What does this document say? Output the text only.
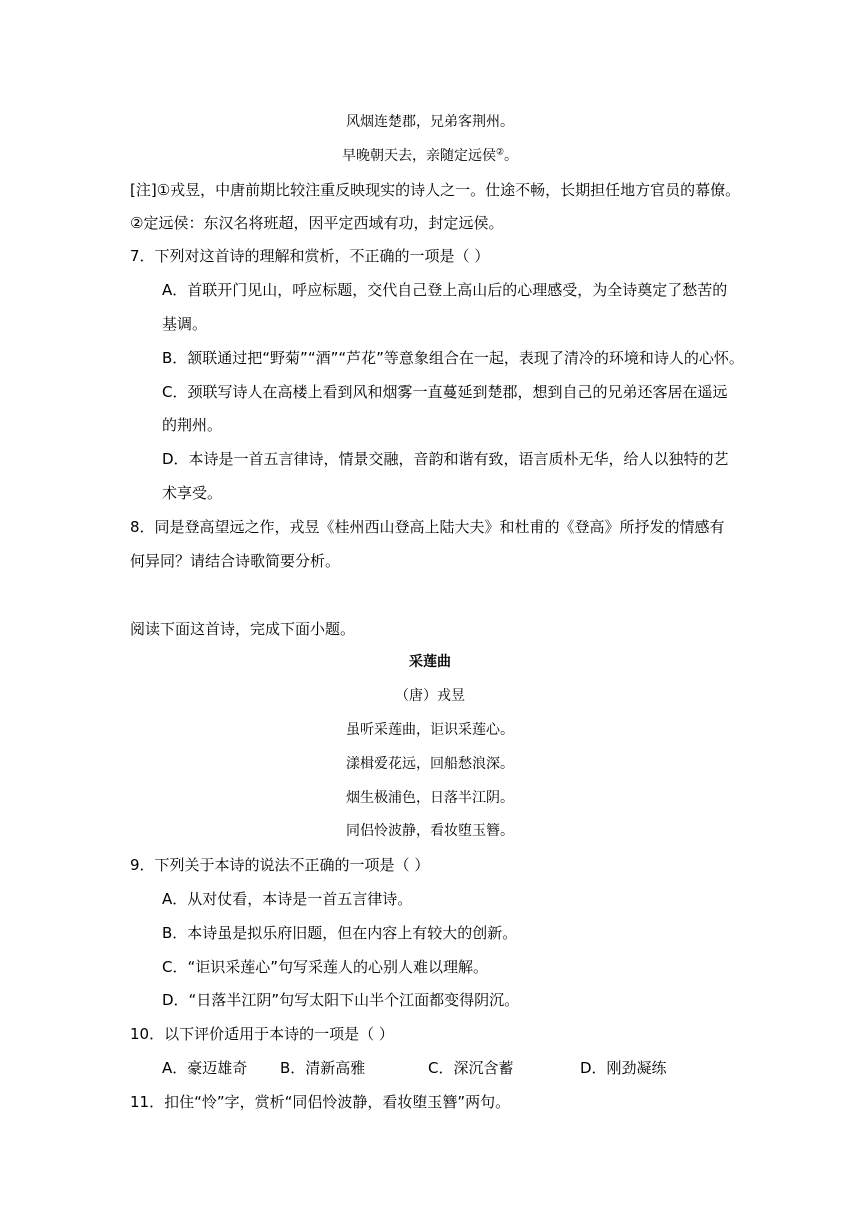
风烟连楚郡，兄弟客荆州。
早晚朝天去，亲随定远侯②。
[注]①戎昱，中唐前期比较注重反映现实的诗人之一。仕途不畅，长期担任地方官员的幕僚。
②定远侯：东汉名将班超，因平定西域有功，封定远侯。
7．下列对这首诗的理解和赏析，不正确的一项是（ ）
A．首联开门见山，呼应标题，交代自己登上高山后的心理感受，为全诗奠定了愁苦的
基调。
B．颔联通过把“野菊”“酒”“芦花”等意象组合在一起，表现了清冷的环境和诗人的心怀。
C．颈联写诗人在高楼上看到风和烟雾一直蔓延到楚郡，想到自己的兄弟还客居在遥远
的荆州。
D．本诗是一首五言律诗，情景交融，音韵和谐有致，语言质朴无华，给人以独特的艺
术享受。
8．同是登高望远之作，戎昱《桂州西山登高上陆大夫》和杜甫的《登高》所抒发的情感有
何异同？请结合诗歌简要分析。
阅读下面这首诗，完成下面小题。
采莲曲
（唐）戎昱
虽听采莲曲，讵识采莲心。
漾楫爱花远，回船愁浪深。
烟生极浦色，日落半江阴。
同侣怜波静，看妆堕玉簪。
9．下列关于本诗的说法不正确的一项是（ ）
A．从对仗看，本诗是一首五言律诗。
B．本诗虽是拟乐府旧题，但在内容上有较大的创新。
C．“讵识采莲心”句写采莲人的心别人难以理解。
D．“日落半江阴”句写太阳下山半个江面都变得阴沉。
10．以下评价适用于本诗的一项是（ ）
A．豪迈雄奇 B．清新高雅	C．深沉含蓄	D．刚劲凝练
11．扣住“怜”字，赏析“同侣怜波静，看妆堕玉簪”两句。
